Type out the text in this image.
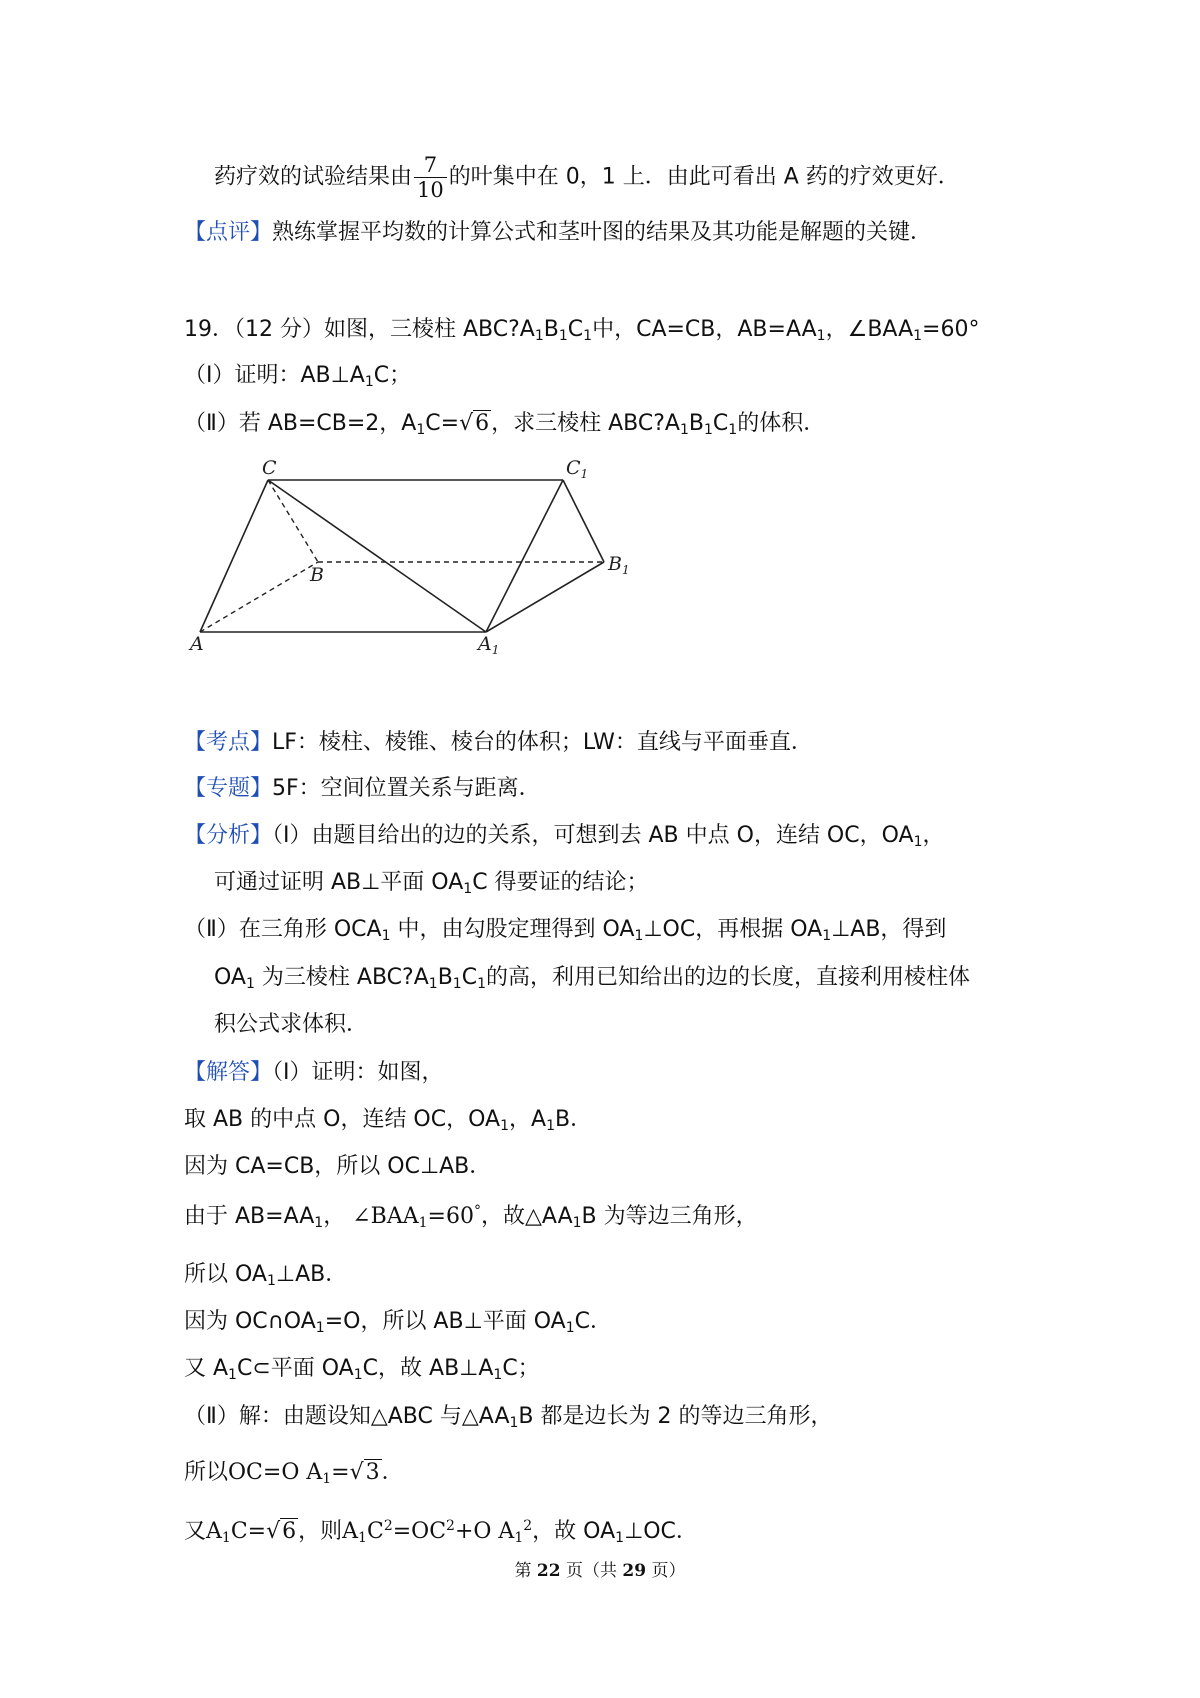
药疗效的试验结果由 $\frac{7}{10}$ 的叶集中在 0，1 上．由此可看出 A 药的疗效更好．
【点评】熟练掌握平均数的计算公式和茎叶图的结果及其功能是解题的关键．
19．（12 分）如图，三棱柱 $ABC?A_1B_1C_1$中，CA=CB，$AB=AA_1$，$\angle BAA_1=60^\circ$
（Ⅰ）证明：$AB\perp A_1C$；
（Ⅱ）若 AB=CB=2，$A_1C=√6$，求三棱柱 $ABC?A_1B_1C_1$的体积．
C	$C_1$
B	$B_1$
A	$A_1$
【考点】LF：棱柱、棱锥、棱台的体积；LW：直线与平面垂直．
【专题】5F：空间位置关系与距离．
【分析】（Ⅰ）由题目给出的边的关系，可想到去 AB 中点 O，连结 OC，$OA_1$，
可通过证明 AB⊥平面 $OA_1C$ 得要证的结论；
（Ⅱ）在三角形 $OCA_1$ 中，由勾股定理得到 $OA_1\perp OC$，再根据 $OA_1\perp AB$，得到
$OA_1$ 为三棱柱 $ABC?A_1B_1C_1$的高，利用已知给出的边的长度，直接利用棱柱体
积公式求体积．
【解答】（Ⅰ）证明：如图，
取 AB 的中点 O，连结 OC，$OA_1$，$A_1B$．
因为 CA=CB，所以 OC⊥AB．
由于 $AB=AA_1$， $\angle BAA_1=60^\circ$，故$\triangle AA_1B$ 为等边三角形，
所以 $OA_1\perp AB$．
因为 $OC\cap OA_1=O$，所以 AB⊥平面 $OA_1C$．
又 $A_1C\subset$平面 $OA_1C$，故 $AB\perp A_1C$；
（Ⅱ）解：由题设知△ABC 与$\triangle AA_1B$ 都是边长为 2 的等边三角形，
所以OC=O $A_1=√3$．
又$A_1C=√6$，则$A_1C^2=OC^2+O$ $A_1^2$，故 $OA_1\perp OC$．
第 22 页（共 29 页）
